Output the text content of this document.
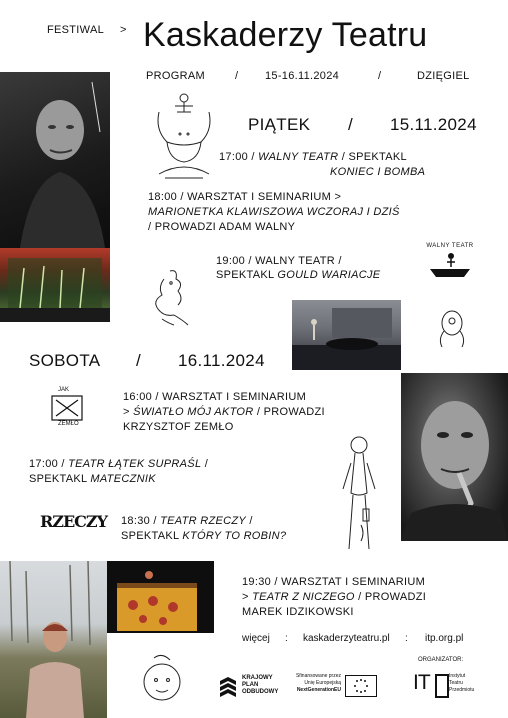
FESTIWAL > Kaskaderzy Teatru
PROGRAM	/ 15-16.11.2024	/	DZIĘGIEL
PIĄTEK / 15.11.2024
17:00 / WALNY TEATR / SPEKTAKL
KONIEC I BOMBA
18:00 / WARSZTAT I SEMINARIUM >
MARIONETKA KLAWISZOWA WCZORAJ I DZIŚ
/ PROWADZI ADAM WALNY
19:00 / WALNY TEATR /
SPEKTAKL GOULD WARIACJE
WALNY TEATR
SOBOTA / 16.11.2024
JAK
ZEMŁO
16:00 / WARSZTAT I SEMINARIUM
> ŚWIATŁO MÓJ AKTOR / PROWADZI
KRZYSZTOF ZEMŁO
17:00 / TEATR ŁĄTEK SUPRAŚL /
SPEKTAKL MATECZNIK
RZECZY 18:30 / TEATR RZECZY /
SPEKTAKL KTÓRY TO ROBIN?
19:30 / WARSZTAT I SEMINARIUM
> TEATR Z NICZEGO / PROWADZI
MAREK IDZIKOWSKI
więcej : kaskaderzyteatru.pl : itp.org.pl
ORGANIZATOR:
KRAJOWY
PLAN
ODBUDOWY
Sfinansowane przez
Unię Europejską
NextGenerationEU	IT	Instytut
Teatru
Przedmiotu
